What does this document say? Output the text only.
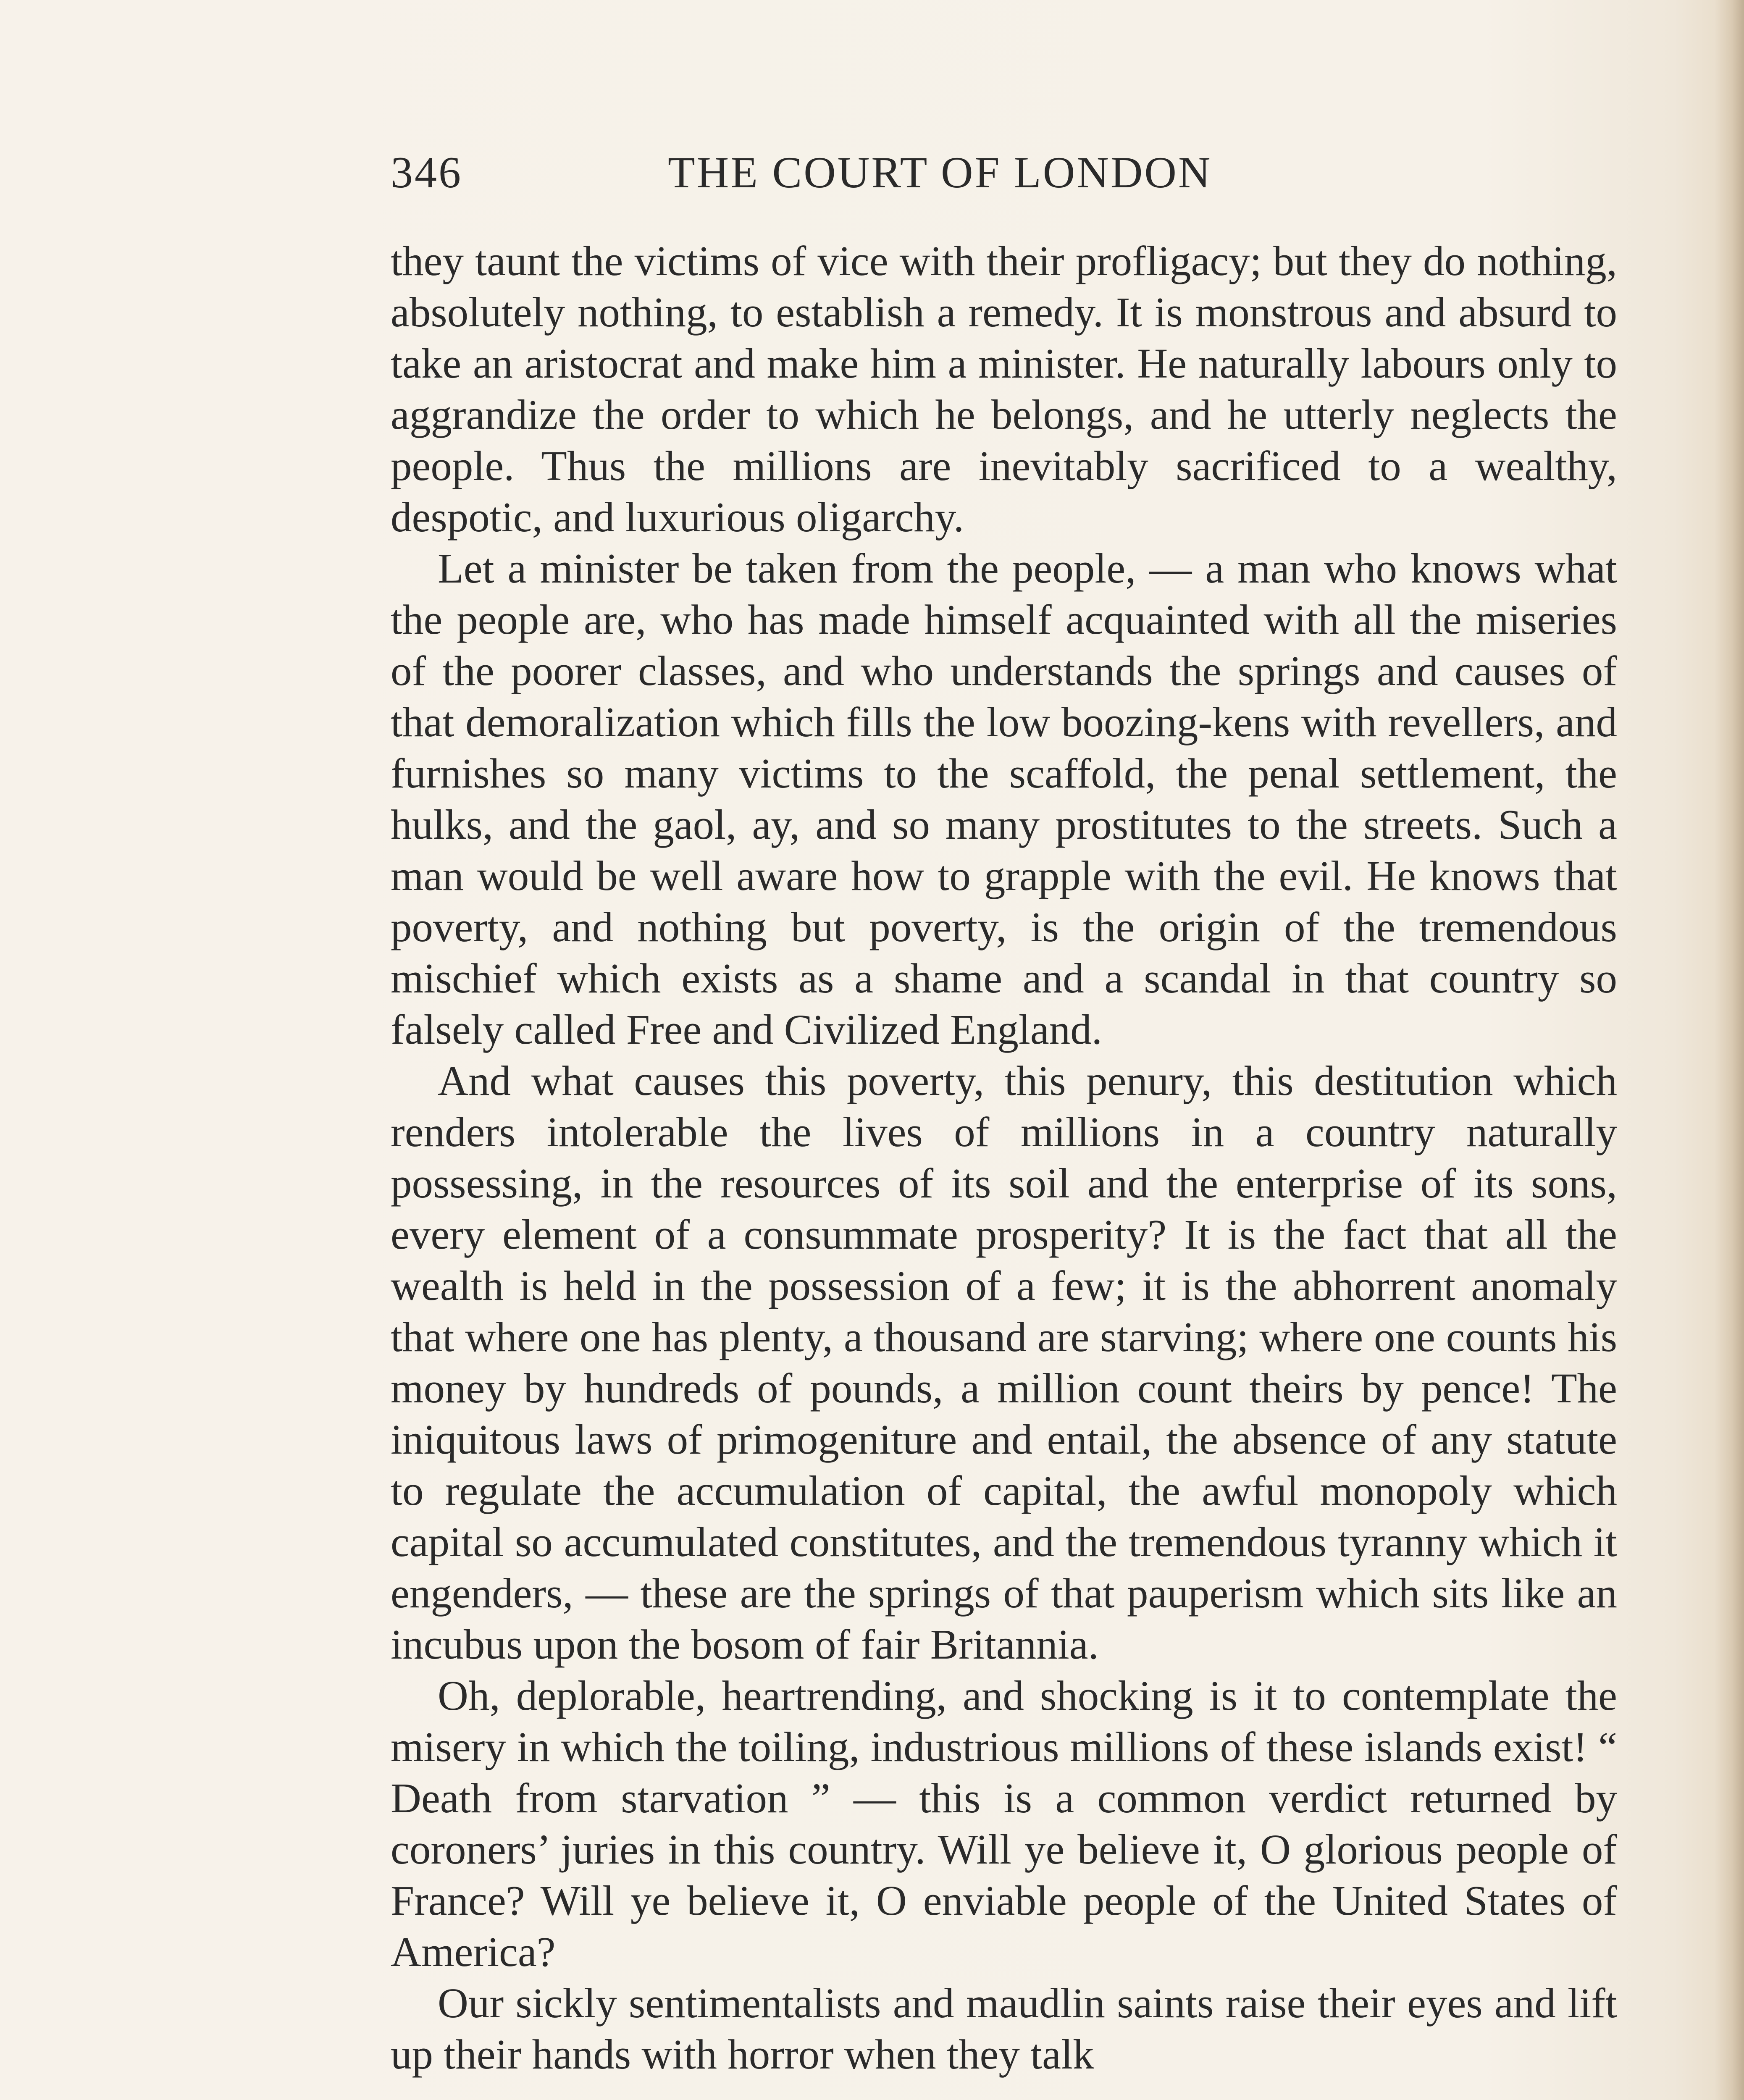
346	THE COURT OF LONDON

they taunt the victims of vice with their profligacy; but they do nothing, absolutely nothing, to establish a remedy. It is monstrous and absurd to take an aristocrat and make him a minister. He naturally labours only to aggrandize the order to which he belongs, and he utterly neglects the people. Thus the millions are inevitably sacrificed to a wealthy, despotic, and luxurious oligarchy.

Let a minister be taken from the people, — a man who knows what the people are, who has made himself acquainted with all the miseries of the poorer classes, and who understands the springs and causes of that demoralization which fills the low boozing-kens with revellers, and furnishes so many victims to the scaffold, the penal settlement, the hulks, and the gaol, ay, and so many prostitutes to the streets. Such a man would be well aware how to grapple with the evil. He knows that poverty, and nothing but poverty, is the origin of the tremendous mischief which exists as a shame and a scandal in that country so falsely called Free and Civilized England.

And what causes this poverty, this penury, this destitution which renders intolerable the lives of millions in a country naturally possessing, in the resources of its soil and the enterprise of its sons, every element of a consummate prosperity? It is the fact that all the wealth is held in the possession of a few; it is the abhorrent anomaly that where one has plenty, a thousand are starving; where one counts his money by hundreds of pounds, a million count theirs by pence! The iniquitous laws of primogeniture and entail, the absence of any statute to regulate the accumulation of capital, the awful monopoly which capital so accumulated constitutes, and the tremendous tyranny which it engenders, — these are the springs of that pauperism which sits like an incubus upon the bosom of fair Britannia.

Oh, deplorable, heartrending, and shocking is it to contemplate the misery in which the toiling, industrious millions of these islands exist! “ Death from starvation ” — this is a common verdict returned by coroners’ juries in this country. Will ye believe it, O glorious people of France? Will ye believe it, O enviable people of the United States of America?

Our sickly sentimentalists and maudlin saints raise their eyes and lift up their hands with horror when they talk
